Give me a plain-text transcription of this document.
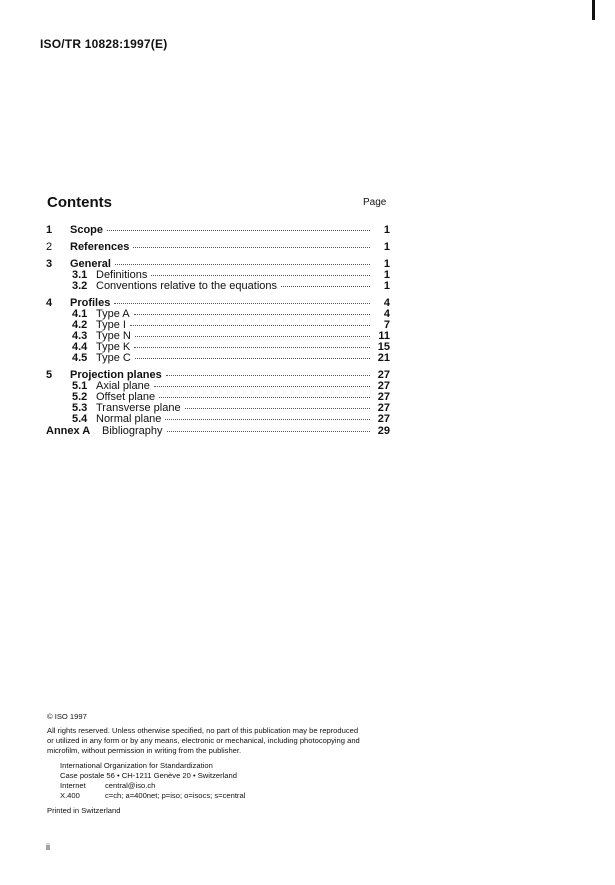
ISO/TR 10828:1997(E)
Contents	Page
1 Scope	1
2 References	1
3 General	1
3.1 Definitions	1
3.2 Conventions relative to the equations	1
4 Profiles	4
4.1 Type A	4
4.2 Type I	7
4.3 Type N	11
4.4 Type K	15
4.5 Type C	21
5 Projection planes	27
5.1 Axial plane	27
5.2 Offset plane	27
5.3 Transverse plane	27
5.4 Normal plane	27
Annex A Bibliography	29
© ISO 1997
All rights reserved. Unless otherwise specified, no part of this publication may be reproduced
or utilized in any form or by any means, electronic or mechanical, including photocopying and
microfilm, without permission in writing from the publisher.
International Organization for Standardization
Case postale 56 • CH-1211 Genève 20 • Switzerland
Internet	central@iso.ch
X.400	c=ch; a=400net; p=iso; o=isocs; s=central
Printed in Switzerland
ii
